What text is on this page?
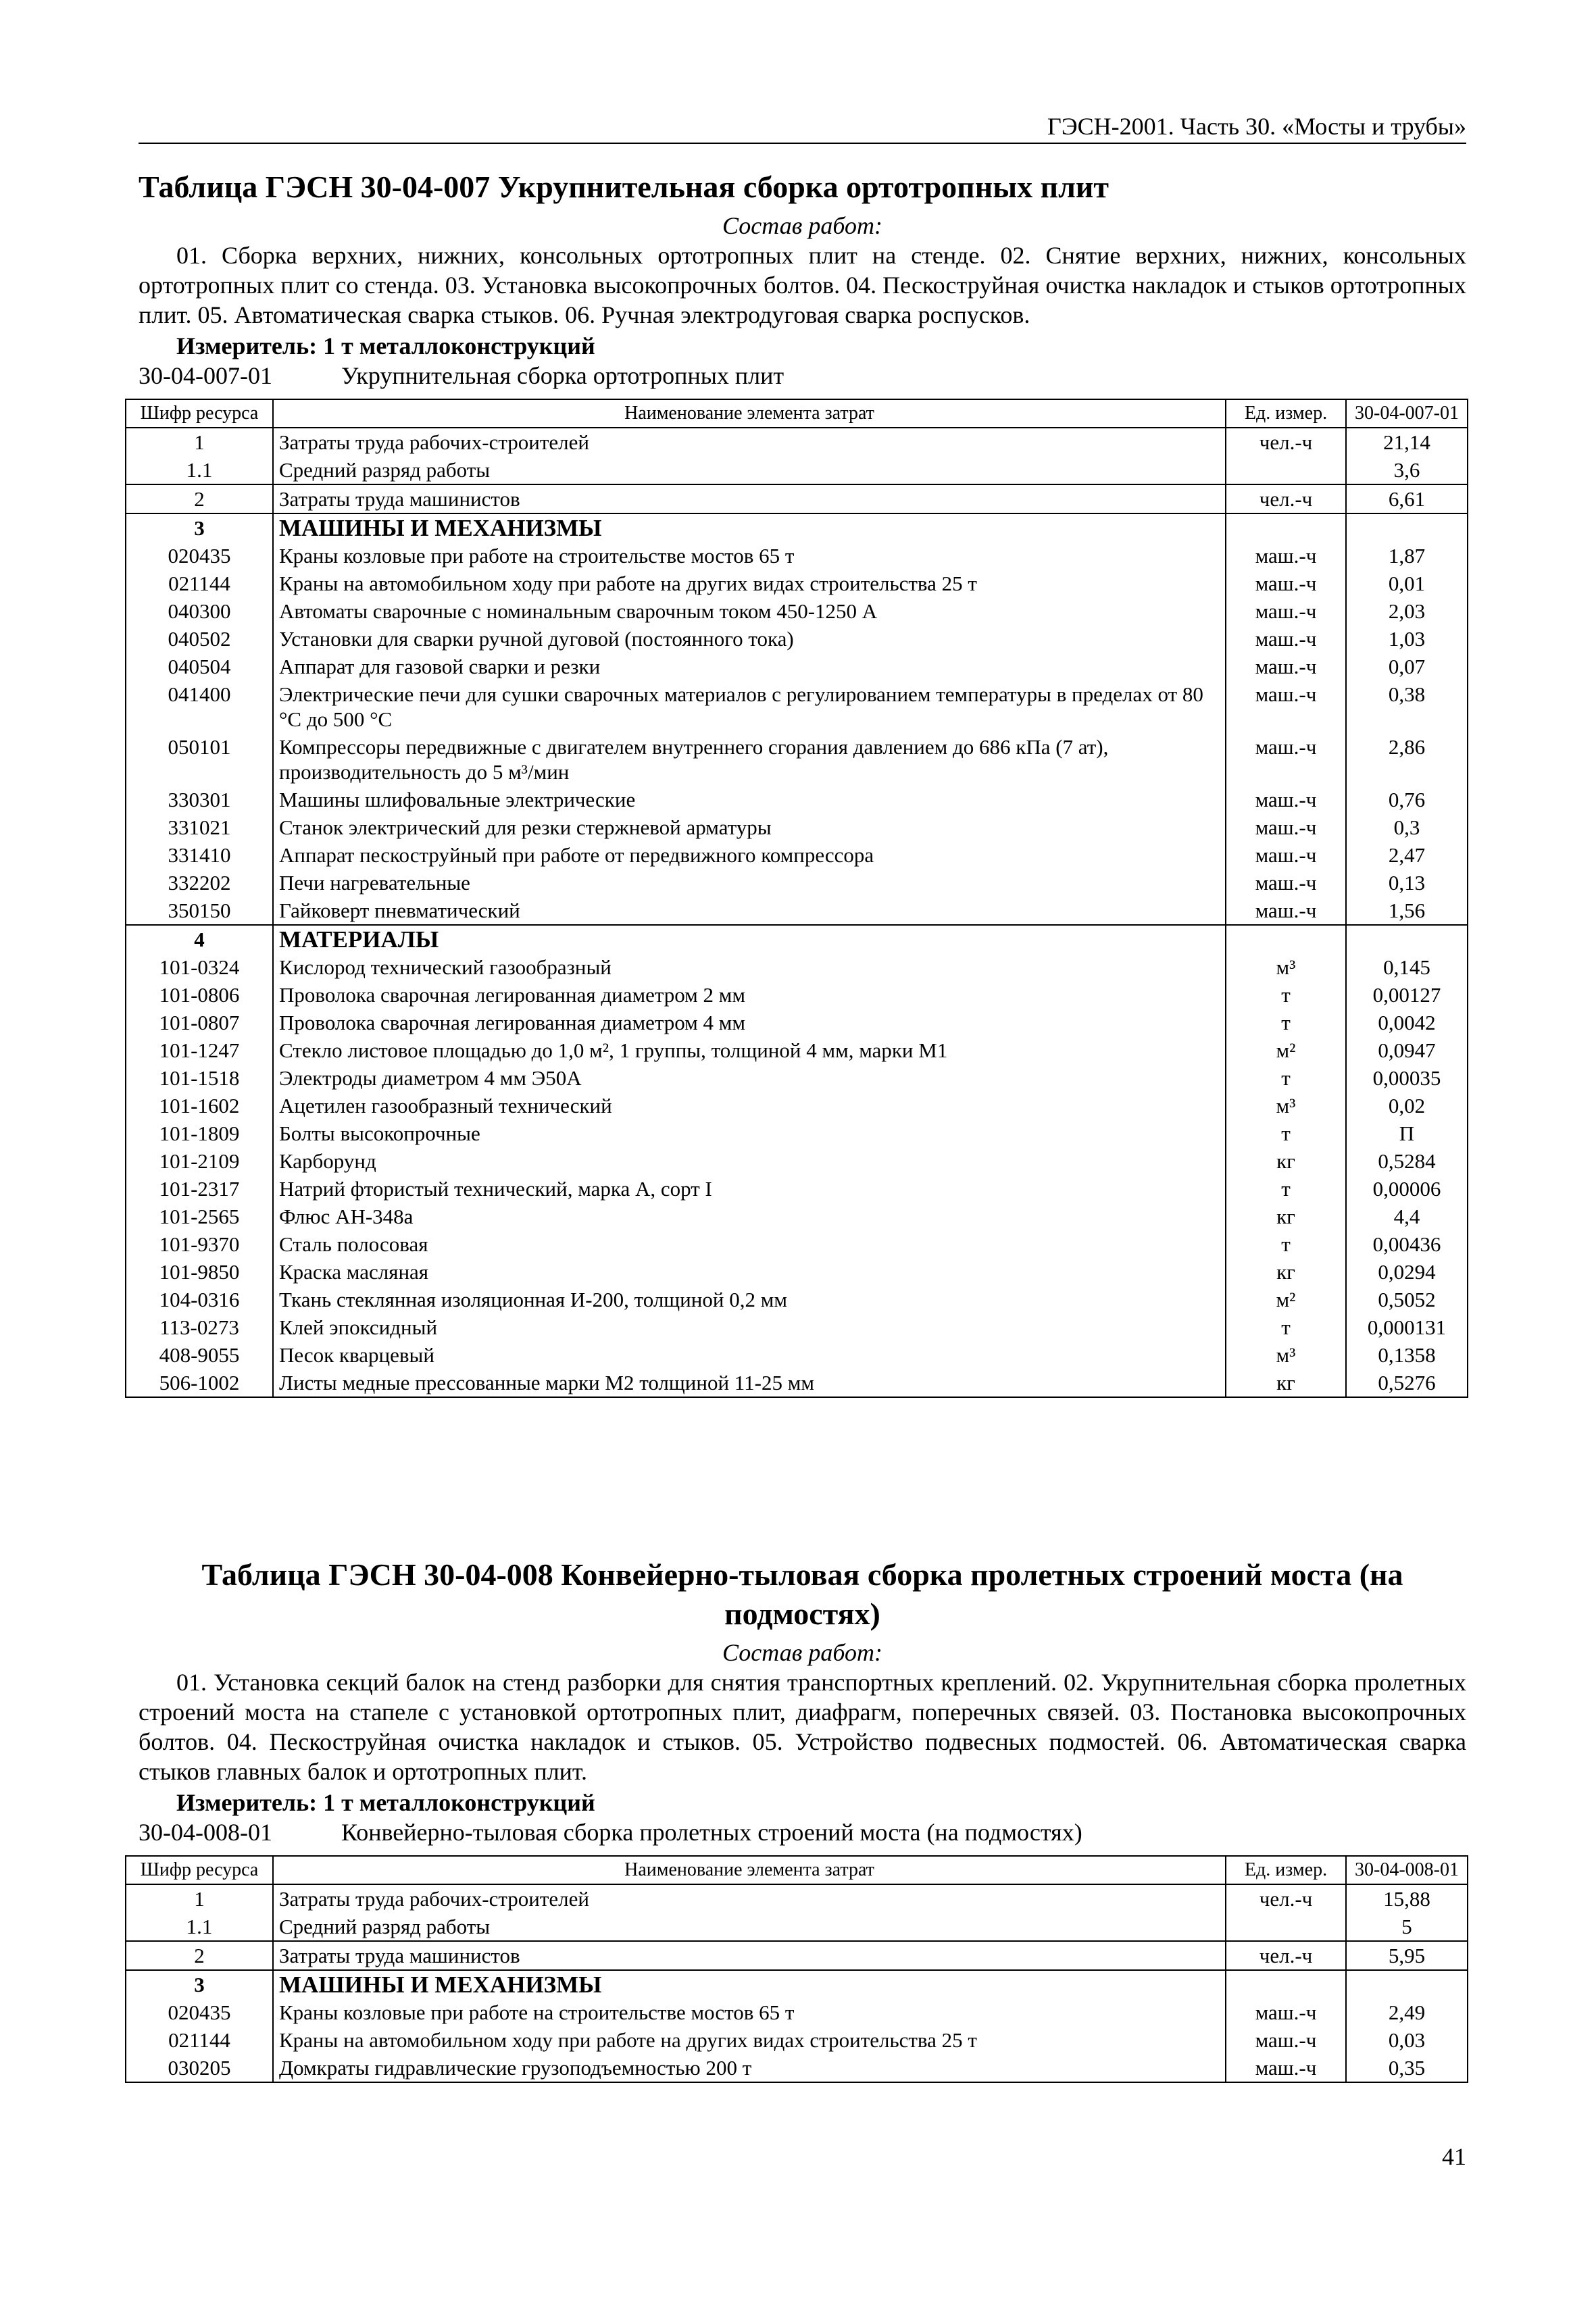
ГЭСН-2001. Часть 30. «Мосты и трубы»
Таблица ГЭСН 30-04-007 Укрупнительная сборка ортотропных плит
Состав работ:

01. Сборка верхних, нижних, консольных ортотропных плит на стенде. 02. Снятие верхних, нижних, консольных ортотропных плит со стенда. 03. Установка высокопрочных болтов. 04. Пескоструйная очистка накладок и стыков ортотропных плит. 05. Автоматическая сварка стыков. 06. Ручная электродуговая сварка роспусков.

Измеритель: 1 т металлоконструкций
30-04-007-01	Укрупнительная сборка ортотропных плит
Шифр ресурса	Наименование элемента затрат	Ед. измер.	30-04-007-01
1	Затраты труда рабочих-строителей	чел.-ч	21,14
1.1	Средний разряд работы		3,6
2	Затраты труда машинистов	чел.-ч	6,61
3	МАШИНЫ И МЕХАНИЗМЫ		
020435	Краны козловые при работе на строительстве мостов 65 т	маш.-ч	1,87
021144	Краны на автомобильном ходу при работе на других видах строительства 25 т	маш.-ч	0,01
040300	Автоматы сварочные с номинальным сварочным током 450-1250 А	маш.-ч	2,03
040502	Установки для сварки ручной дуговой (постоянного тока)	маш.-ч	1,03
040504	Аппарат для газовой сварки и резки	маш.-ч	0,07
041400	Электрические печи для сушки сварочных материалов с регулированием температуры в пределах от 80 °С до 500 °С	маш.-ч	0,38
050101	Компрессоры передвижные с двигателем внутреннего сгорания давлением до 686 кПа (7 ат), производительность до 5 м³/мин	маш.-ч	2,86
330301	Машины шлифовальные электрические	маш.-ч	0,76
331021	Станок электрический для резки стержневой арматуры	маш.-ч	0,3
331410	Аппарат пескоструйный при работе от передвижного компрессора	маш.-ч	2,47
332202	Печи нагревательные	маш.-ч	0,13
350150	Гайковерт пневматический	маш.-ч	1,56
4	МАТЕРИАЛЫ		
101-0324	Кислород технический газообразный	м³	0,145
101-0806	Проволока сварочная легированная диаметром 2 мм	т	0,00127
101-0807	Проволока сварочная легированная диаметром 4 мм	т	0,0042
101-1247	Стекло листовое площадью до 1,0 м², 1 группы, толщиной 4 мм, марки М1	м²	0,0947
101-1518	Электроды диаметром 4 мм Э50А	т	0,00035
101-1602	Ацетилен газообразный технический	м³	0,02
101-1809	Болты высокопрочные	т	П
101-2109	Карборунд	кг	0,5284
101-2317	Натрий фтористый технический, марка А, сорт I	т	0,00006
101-2565	Флюс АН-348а	кг	4,4
101-9370	Сталь полосовая	т	0,00436
101-9850	Краска масляная	кг	0,0294
104-0316	Ткань стеклянная изоляционная И-200, толщиной 0,2 мм	м²	0,5052
113-0273	Клей эпоксидный	т	0,000131
408-9055	Песок кварцевый	м³	0,1358
506-1002	Листы медные прессованные марки М2 толщиной 11-25 мм	кг	0,5276
Таблица ГЭСН 30-04-008 Конвейерно-тыловая сборка пролетных строений моста (на подмостях)
Состав работ:

01. Установка секций балок на стенд разборки для снятия транспортных креплений. 02. Укрупнительная сборка пролетных строений моста на стапеле с установкой ортотропных плит, диафрагм, поперечных связей. 03. Постановка высокопрочных болтов. 04. Пескоструйная очистка накладок и стыков. 05. Устройство подвесных подмостей. 06. Автоматическая сварка стыков главных балок и ортотропных плит.

Измеритель: 1 т металлоконструкций
30-04-008-01	Конвейерно-тыловая сборка пролетных строений моста (на подмостях)
Шифр ресурса	Наименование элемента затрат	Ед. измер.	30-04-008-01
1	Затраты труда рабочих-строителей	чел.-ч	15,88
1.1	Средний разряд работы		5
2	Затраты труда машинистов	чел.-ч	5,95
3	МАШИНЫ И МЕХАНИЗМЫ		
020435	Краны козловые при работе на строительстве мостов 65 т	маш.-ч	2,49
021144	Краны на автомобильном ходу при работе на других видах строительства 25 т	маш.-ч	0,03
030205	Домкраты гидравлические грузоподъемностью 200 т	маш.-ч	0,35
41
